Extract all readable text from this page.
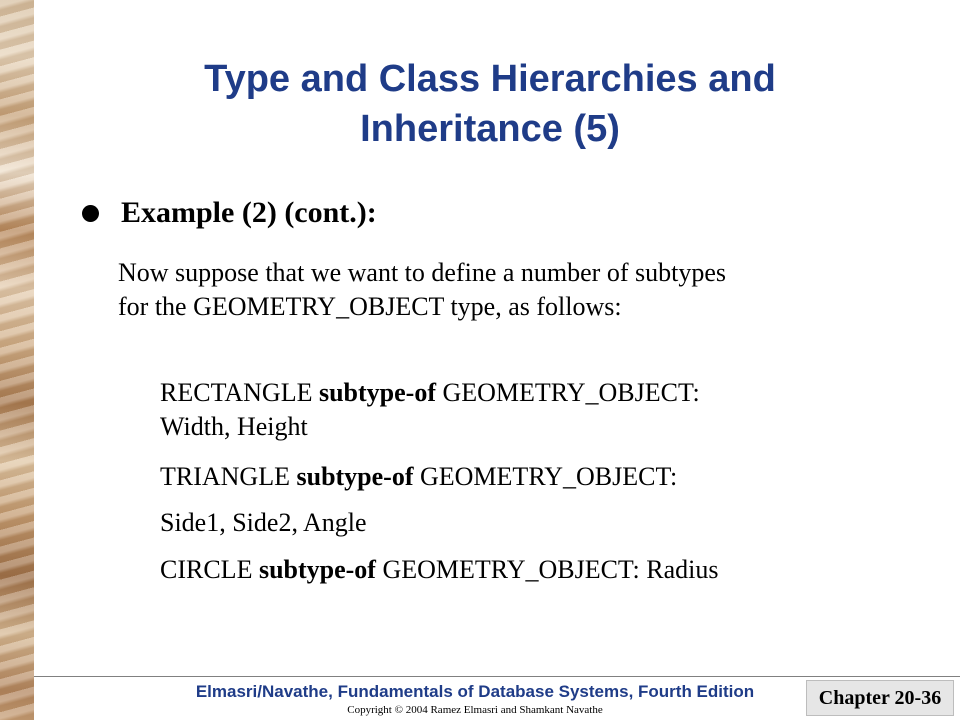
Type and Class Hierarchies and
Inheritance (5)
Example (2) (cont.):

Now suppose that we want to define a number of subtypes
for the GEOMETRY_OBJECT type, as follows:

RECTANGLE subtype-of GEOMETRY_OBJECT:
Width, Height

TRIANGLE subtype-of GEOMETRY_OBJECT:

Side1, Side2, Angle

CIRCLE subtype-of GEOMETRY_OBJECT: Radius

Elmasri/Navathe, Fundamentals of Database Systems, Fourth Edition
Copyright © 2004 Ramez Elmasri and Shamkant Navathe
Chapter 20-36
